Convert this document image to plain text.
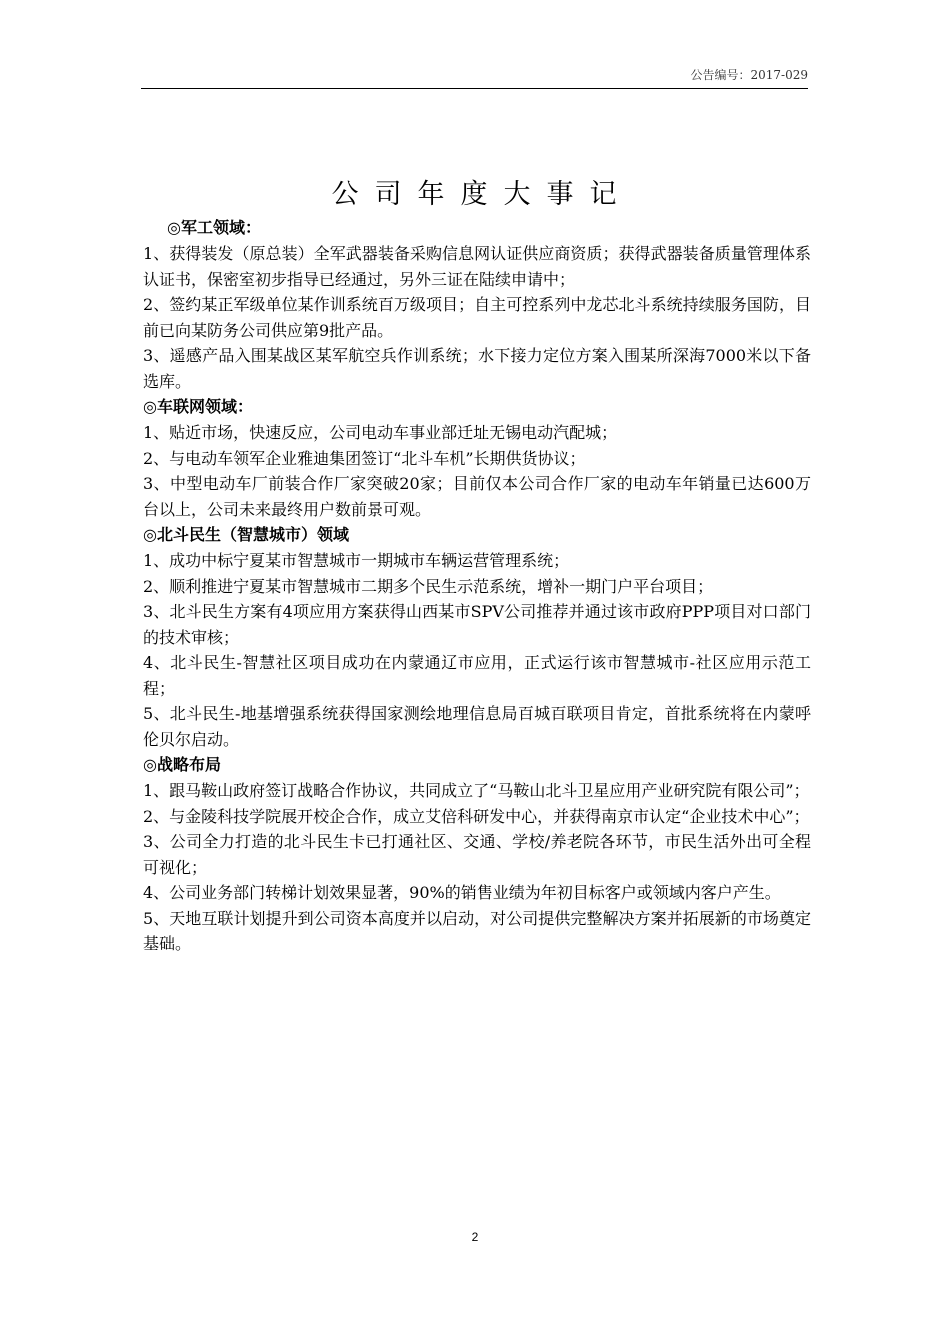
公告编号：2017-029
公司年度大事记
◎军工领域：

1、获得装发（原总装）全军武器装备采购信息网认证供应商资质；获得武器装备质量管理体系认证书，保密室初步指导已经通过，另外三证在陆续申请中；

2、签约某正军级单位某作训系统百万级项目；自主可控系列中龙芯北斗系统持续服务国防，目前已向某防务公司供应第9批产品。

3、遥感产品入围某战区某军航空兵作训系统；水下接力定位方案入围某所深海7000米以下备选库。

◎车联网领域：

1、贴近市场，快速反应，公司电动车事业部迁址无锡电动汽配城；

2、与电动车领军企业雅迪集团签订“北斗车机”长期供货协议；

3、中型电动车厂前装合作厂家突破20家；目前仅本公司合作厂家的电动车年销量已达600万台以上，公司未来最终用户数前景可观。

◎北斗民生（智慧城市）领域

1、成功中标宁夏某市智慧城市一期城市车辆运营管理系统；

2、顺利推进宁夏某市智慧城市二期多个民生示范系统，增补一期门户平台项目；

3、北斗民生方案有4项应用方案获得山西某市SPV公司推荐并通过该市政府PPP项目对口部门的技术审核；

4、北斗民生-智慧社区项目成功在内蒙通辽市应用，正式运行该市智慧城市-社区应用示范工程；

5、北斗民生-地基增强系统获得国家测绘地理信息局百城百联项目肯定，首批系统将在内蒙呼伦贝尔启动。

◎战略布局

1、跟马鞍山政府签订战略合作协议，共同成立了“马鞍山北斗卫星应用产业研究院有限公司”；

2、与金陵科技学院展开校企合作，成立艾倍科研发中心，并获得南京市认定“企业技术中心”；

3、公司全力打造的北斗民生卡已打通社区、交通、学校/养老院各环节，市民生活外出可全程可视化；

4、公司业务部门转梯计划效果显著，90%的销售业绩为年初目标客户或领域内客户产生。

5、天地互联计划提升到公司资本高度并以启动，对公司提供完整解决方案并拓展新的市场奠定基础。

2
